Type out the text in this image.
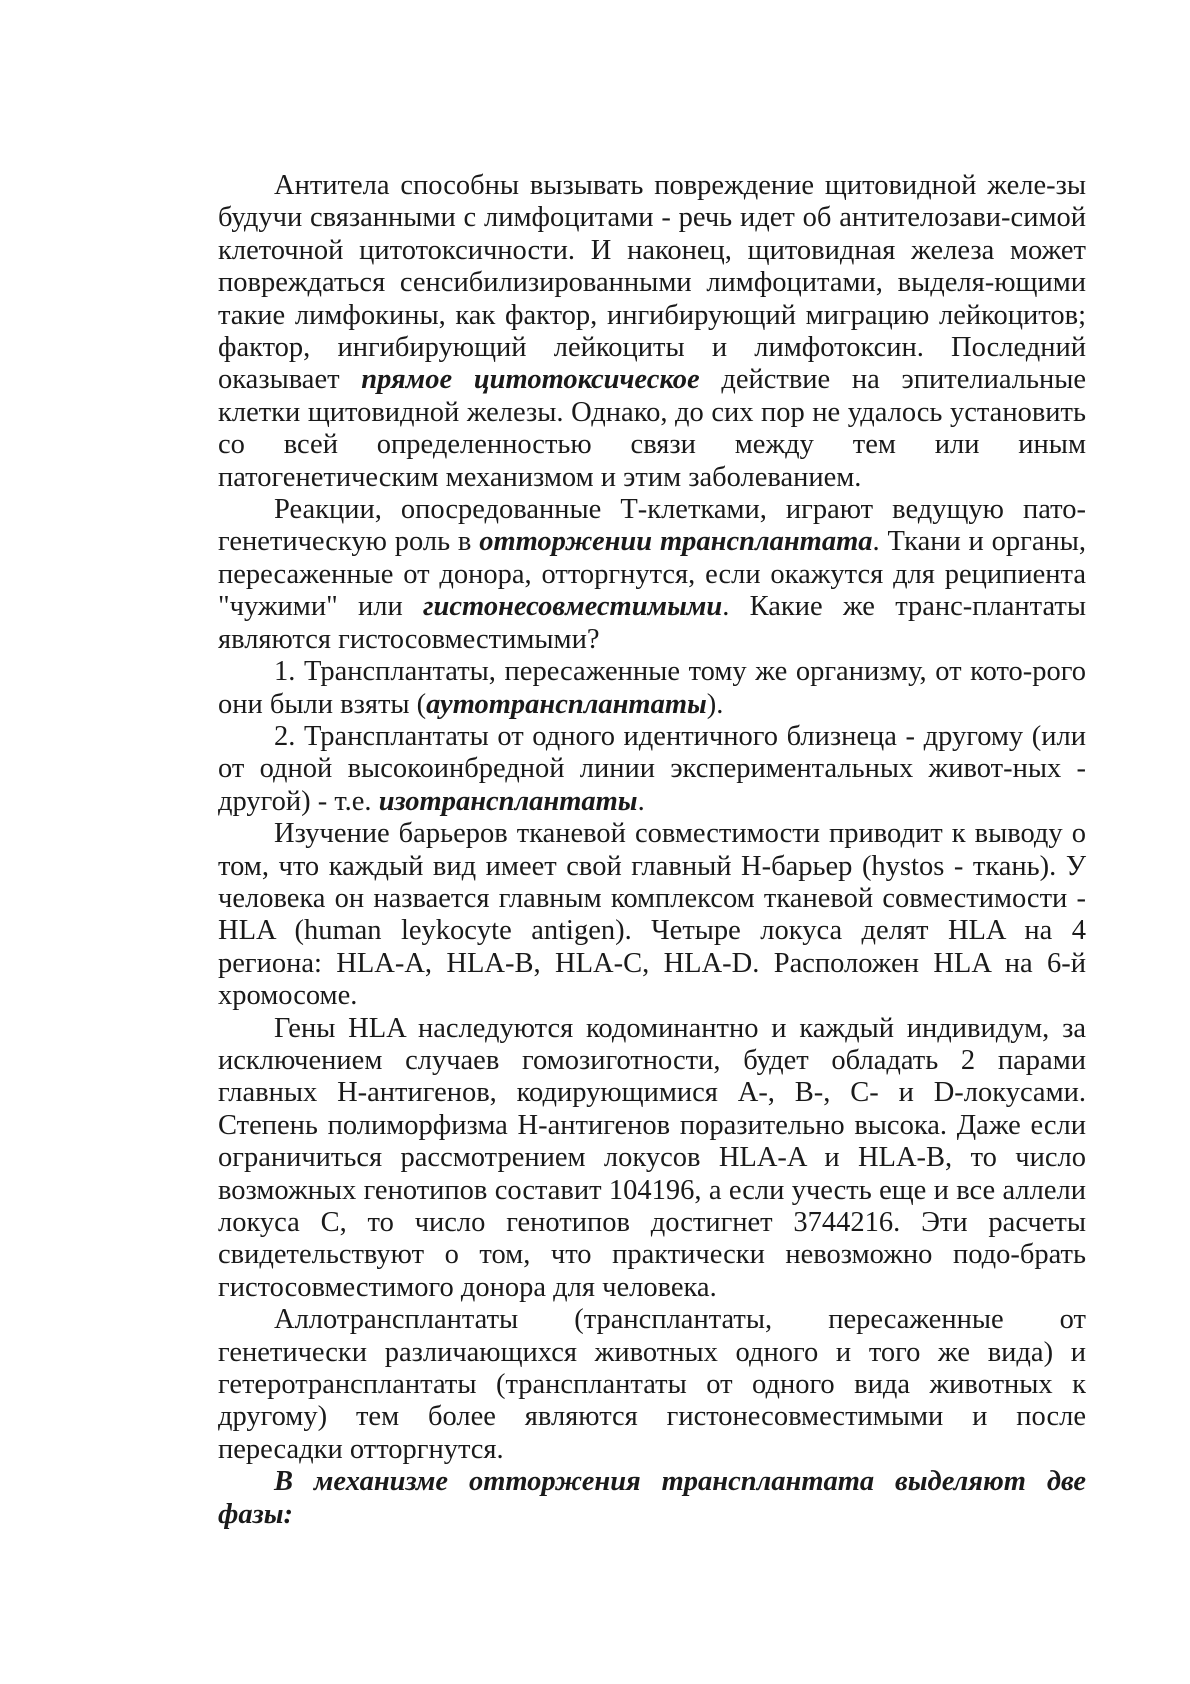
Антитела способны вызывать повреждение щитовидной желе-зы будучи связанными с лимфоцитами - речь идет об антителозави-симой клеточной цитотоксичности. И наконец, щитовидная железа может повреждаться сенсибилизированными лимфоцитами, выделя-ющими такие лимфокины, как фактор, ингибирующий миграцию лейкоцитов; фактор, ингибирующий лейкоциты и лимфотоксин. Последний оказывает прямое цитотоксическое действие на эпителиальные клетки щитовидной железы. Однако, до сих пор не удалось установить со всей определенностью связи между тем или иным патогенетическим механизмом и этим заболеванием.

Реакции, опосредованные Т-клетками, играют ведущую пато-генетическую роль в отторжении трансплантата. Ткани и органы, пересаженные от донора, отторгнутся, если окажутся для реципиента "чужими" или гистонесовместимыми. Какие же транс-плантаты являются гистосовместимыми?

1. Трансплантаты, пересаженные тому же организму, от кото-рого они были взяты (аутотрансплантаты).

2. Трансплантаты от одного идентичного близнеца - другому (или от одной высокоинбредной линии экспериментальных живот-ных - другой) - т.е. изотрансплантаты.

Изучение барьеров тканевой совместимости приводит к выводу о том, что каждый вид имеет свой главный Н-барьер (hystos - ткань). У человека он назвается главным комплексом тканевой совместимости - HLA (human leykocyte antigen). Четыре локуса делят HLA на 4 региона: HLA-A, HLA-B, HLA-C, HLA-D. Расположен HLA на 6-й хромосоме.

Гены HLA наследуются кодоминантно и каждый индивидум, за исключением случаев гомозиготности, будет обладать 2 парами главных Н-антигенов, кодирующимися А-, В-, С- и D-локусами. Степень полиморфизма Н-антигенов поразительно высока. Даже если ограничиться рассмотрением локусов HLA-A и HLA-B, то число возможных генотипов составит 104196, а если учесть еще и все аллели локуса С, то число генотипов достигнет 3744216. Эти расчеты свидетельствуют о том, что практически невозможно подо-брать гистосовместимого донора для человека.

Аллотрансплантаты (трансплантаты, пересаженные от генетически различающихся животных одного и того же вида) и гетеротрансплантаты (трансплантаты от одного вида животных к другому) тем более являются гистонесовместимыми и после пересадки отторгнутся.

В механизме отторжения трансплантата выделяют две фазы:
